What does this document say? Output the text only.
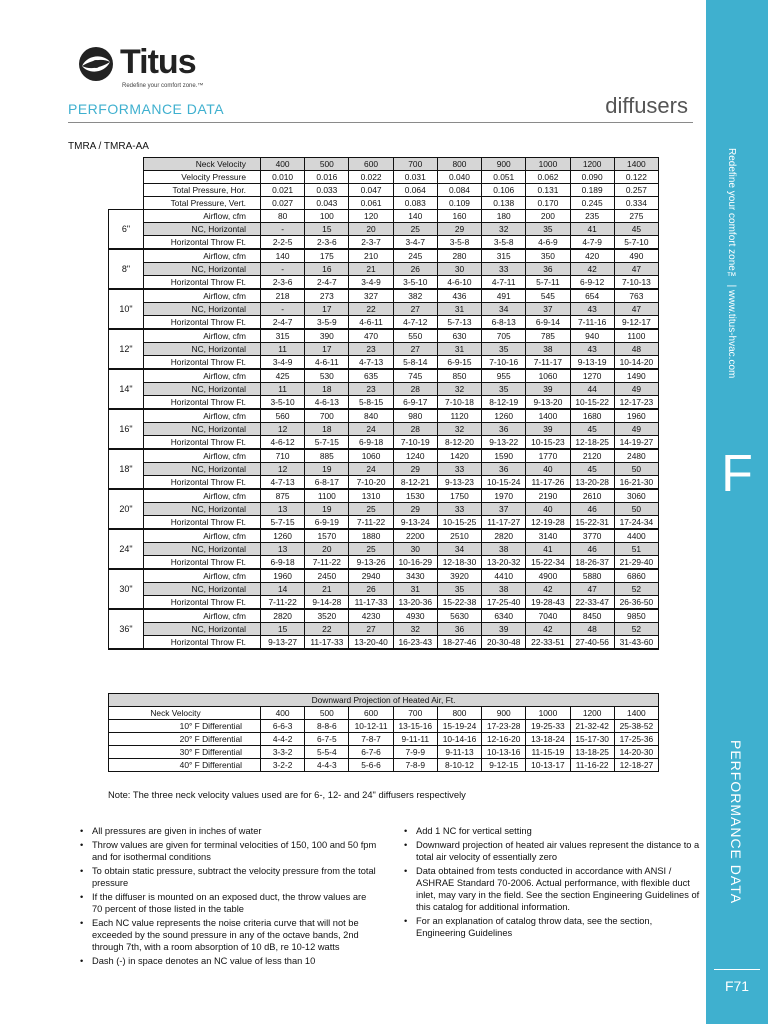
Titus
Redefine your comfort zone.™
PERFORMANCE DATA	diffusers
TMRA / TMRA-AA
	Neck Velocity	400	500	600	700	800	900	1000	1200	1400
	Velocity Pressure	0.010	0.016	0.022	0.031	0.040	0.051	0.062	0.090	0.122
	Total Pressure, Hor.	0.021	0.033	0.047	0.064	0.084	0.106	0.131	0.189	0.257
	Total Pressure, Vert.	0.027	0.043	0.061	0.083	0.109	0.138	0.170	0.245	0.334
6"	Airflow, cfm	80	100	120	140	160	180	200	235	275
	NC, Horizontal	-	15	20	25	29	32	35	41	45
	Horizontal Throw Ft.	2-2-5	2-3-6	2-3-7	3-4-7	3-5-8	3-5-8	4-6-9	4-7-9	5-7-10
8"	Airflow, cfm	140	175	210	245	280	315	350	420	490
	NC, Horizontal	-	16	21	26	30	33	36	42	47
	Horizontal Throw Ft.	2-3-6	2-4-7	3-4-9	3-5-10	4-6-10	4-7-11	5-7-11	6-9-12	7-10-13
10"	Airflow, cfm	218	273	327	382	436	491	545	654	763
	NC, Horizontal	-	17	22	27	31	34	37	43	47
	Horizontal Throw Ft.	2-4-7	3-5-9	4-6-11	4-7-12	5-7-13	6-8-13	6-9-14	7-11-16	9-12-17
12"	Airflow, cfm	315	390	470	550	630	705	785	940	1100
	NC, Horizontal	11	17	23	27	31	35	38	43	48
	Horizontal Throw Ft.	3-4-9	4-6-11	4-7-13	5-8-14	6-9-15	7-10-16	7-11-17	9-13-19	10-14-20
14"	Airflow, cfm	425	530	635	745	850	955	1060	1270	1490
	NC, Horizontal	11	18	23	28	32	35	39	44	49
	Horizontal Throw Ft.	3-5-10	4-6-13	5-8-15	6-9-17	7-10-18	8-12-19	9-13-20	10-15-22	12-17-23
16"	Airflow, cfm	560	700	840	980	1120	1260	1400	1680	1960
	NC, Horizontal	12	18	24	28	32	36	39	45	49
	Horizontal Throw Ft.	4-6-12	5-7-15	6-9-18	7-10-19	8-12-20	9-13-22	10-15-23	12-18-25	14-19-27
18"	Airflow, cfm	710	885	1060	1240	1420	1590	1770	2120	2480
	NC, Horizontal	12	19	24	29	33	36	40	45	50
	Horizontal Throw Ft.	4-7-13	6-8-17	7-10-20	8-12-21	9-13-23	10-15-24	11-17-26	13-20-28	16-21-30
20"	Airflow, cfm	875	1100	1310	1530	1750	1970	2190	2610	3060
	NC, Horizontal	13	19	25	29	33	37	40	46	50
	Horizontal Throw Ft.	5-7-15	6-9-19	7-11-22	9-13-24	10-15-25	11-17-27	12-19-28	15-22-31	17-24-34
24"	Airflow, cfm	1260	1570	1880	2200	2510	2820	3140	3770	4400
	NC, Horizontal	13	20	25	30	34	38	41	46	51
	Horizontal Throw Ft.	6-9-18	7-11-22	9-13-26	10-16-29	12-18-30	13-20-32	15-22-34	18-26-37	21-29-40
30"	Airflow, cfm	1960	2450	2940	3430	3920	4410	4900	5880	6860
	NC, Horizontal	14	21	26	31	35	38	42	47	52
	Horizontal Throw Ft.	7-11-22	9-14-28	11-17-33	13-20-36	15-22-38	17-25-40	19-28-43	22-33-47	26-36-50
36"	Airflow, cfm	2820	3520	4230	4930	5630	6340	7040	8450	9850
	NC, Horizontal	15	22	27	32	36	39	42	48	52
	Horizontal Throw Ft.	9-13-27	11-17-33	13-20-40	16-23-43	18-27-46	20-30-48	22-33-51	27-40-56	31-43-60
Downward Projection of Heated Air, Ft.									
Neck Velocity	400	500	600	700	800	900	1000	1200	1400
10° F Differential	6-6-3	8-8-6	10-12-11	13-15-16	15-19-24	17-23-28	19-25-33	21-32-42	25-38-52
20° F Differential	4-4-2	6-7-5	7-8-7	9-11-11	10-14-16	12-16-20	13-18-24	15-17-30	17-25-36
30° F Differential	3-3-2	5-5-4	6-7-6	7-9-9	9-11-13	10-13-16	11-15-19	13-18-25	14-20-30
40° F Differential	3-2-2	4-4-3	5-6-6	7-8-9	8-10-12	9-12-15	10-13-17	11-16-22	12-18-27
Note: The three neck velocity values used are for 6-, 12- and 24" diffusers respectively
• All pressures are given in inches of water
• Throw values are given for terminal velocities of 150, 100 and 50 fpm and for isothermal conditions
• To obtain static pressure, subtract the velocity pressure from the total pressure
• If the diffuser is mounted on an exposed duct, the throw values are 70 percent of those listed in the table
• Each NC value represents the noise criteria curve that will not be exceeded by the sound pressure in any of the octave bands, 2nd through 7th, with a room absorption of 10 dB, re 10-12 watts
• Dash (-) in space denotes an NC value of less than 10
• Add 1 NC for vertical setting
• Downward projection of heated air values represent the distance to a total air velocity of essentially zero
• Data obtained from tests conducted in accordance with ANSI / ASHRAE Standard 70-2006. Actual performance, with flexible duct inlet, may vary in the field. See the section Engineering Guidelines of this catalog for additional information.
• For an explanation of catalog throw data, see the section, Engineering Guidelines
Redefine your comfort zone™ | www.titus-hvac.com
F
PERFORMANCE DATA
F71
